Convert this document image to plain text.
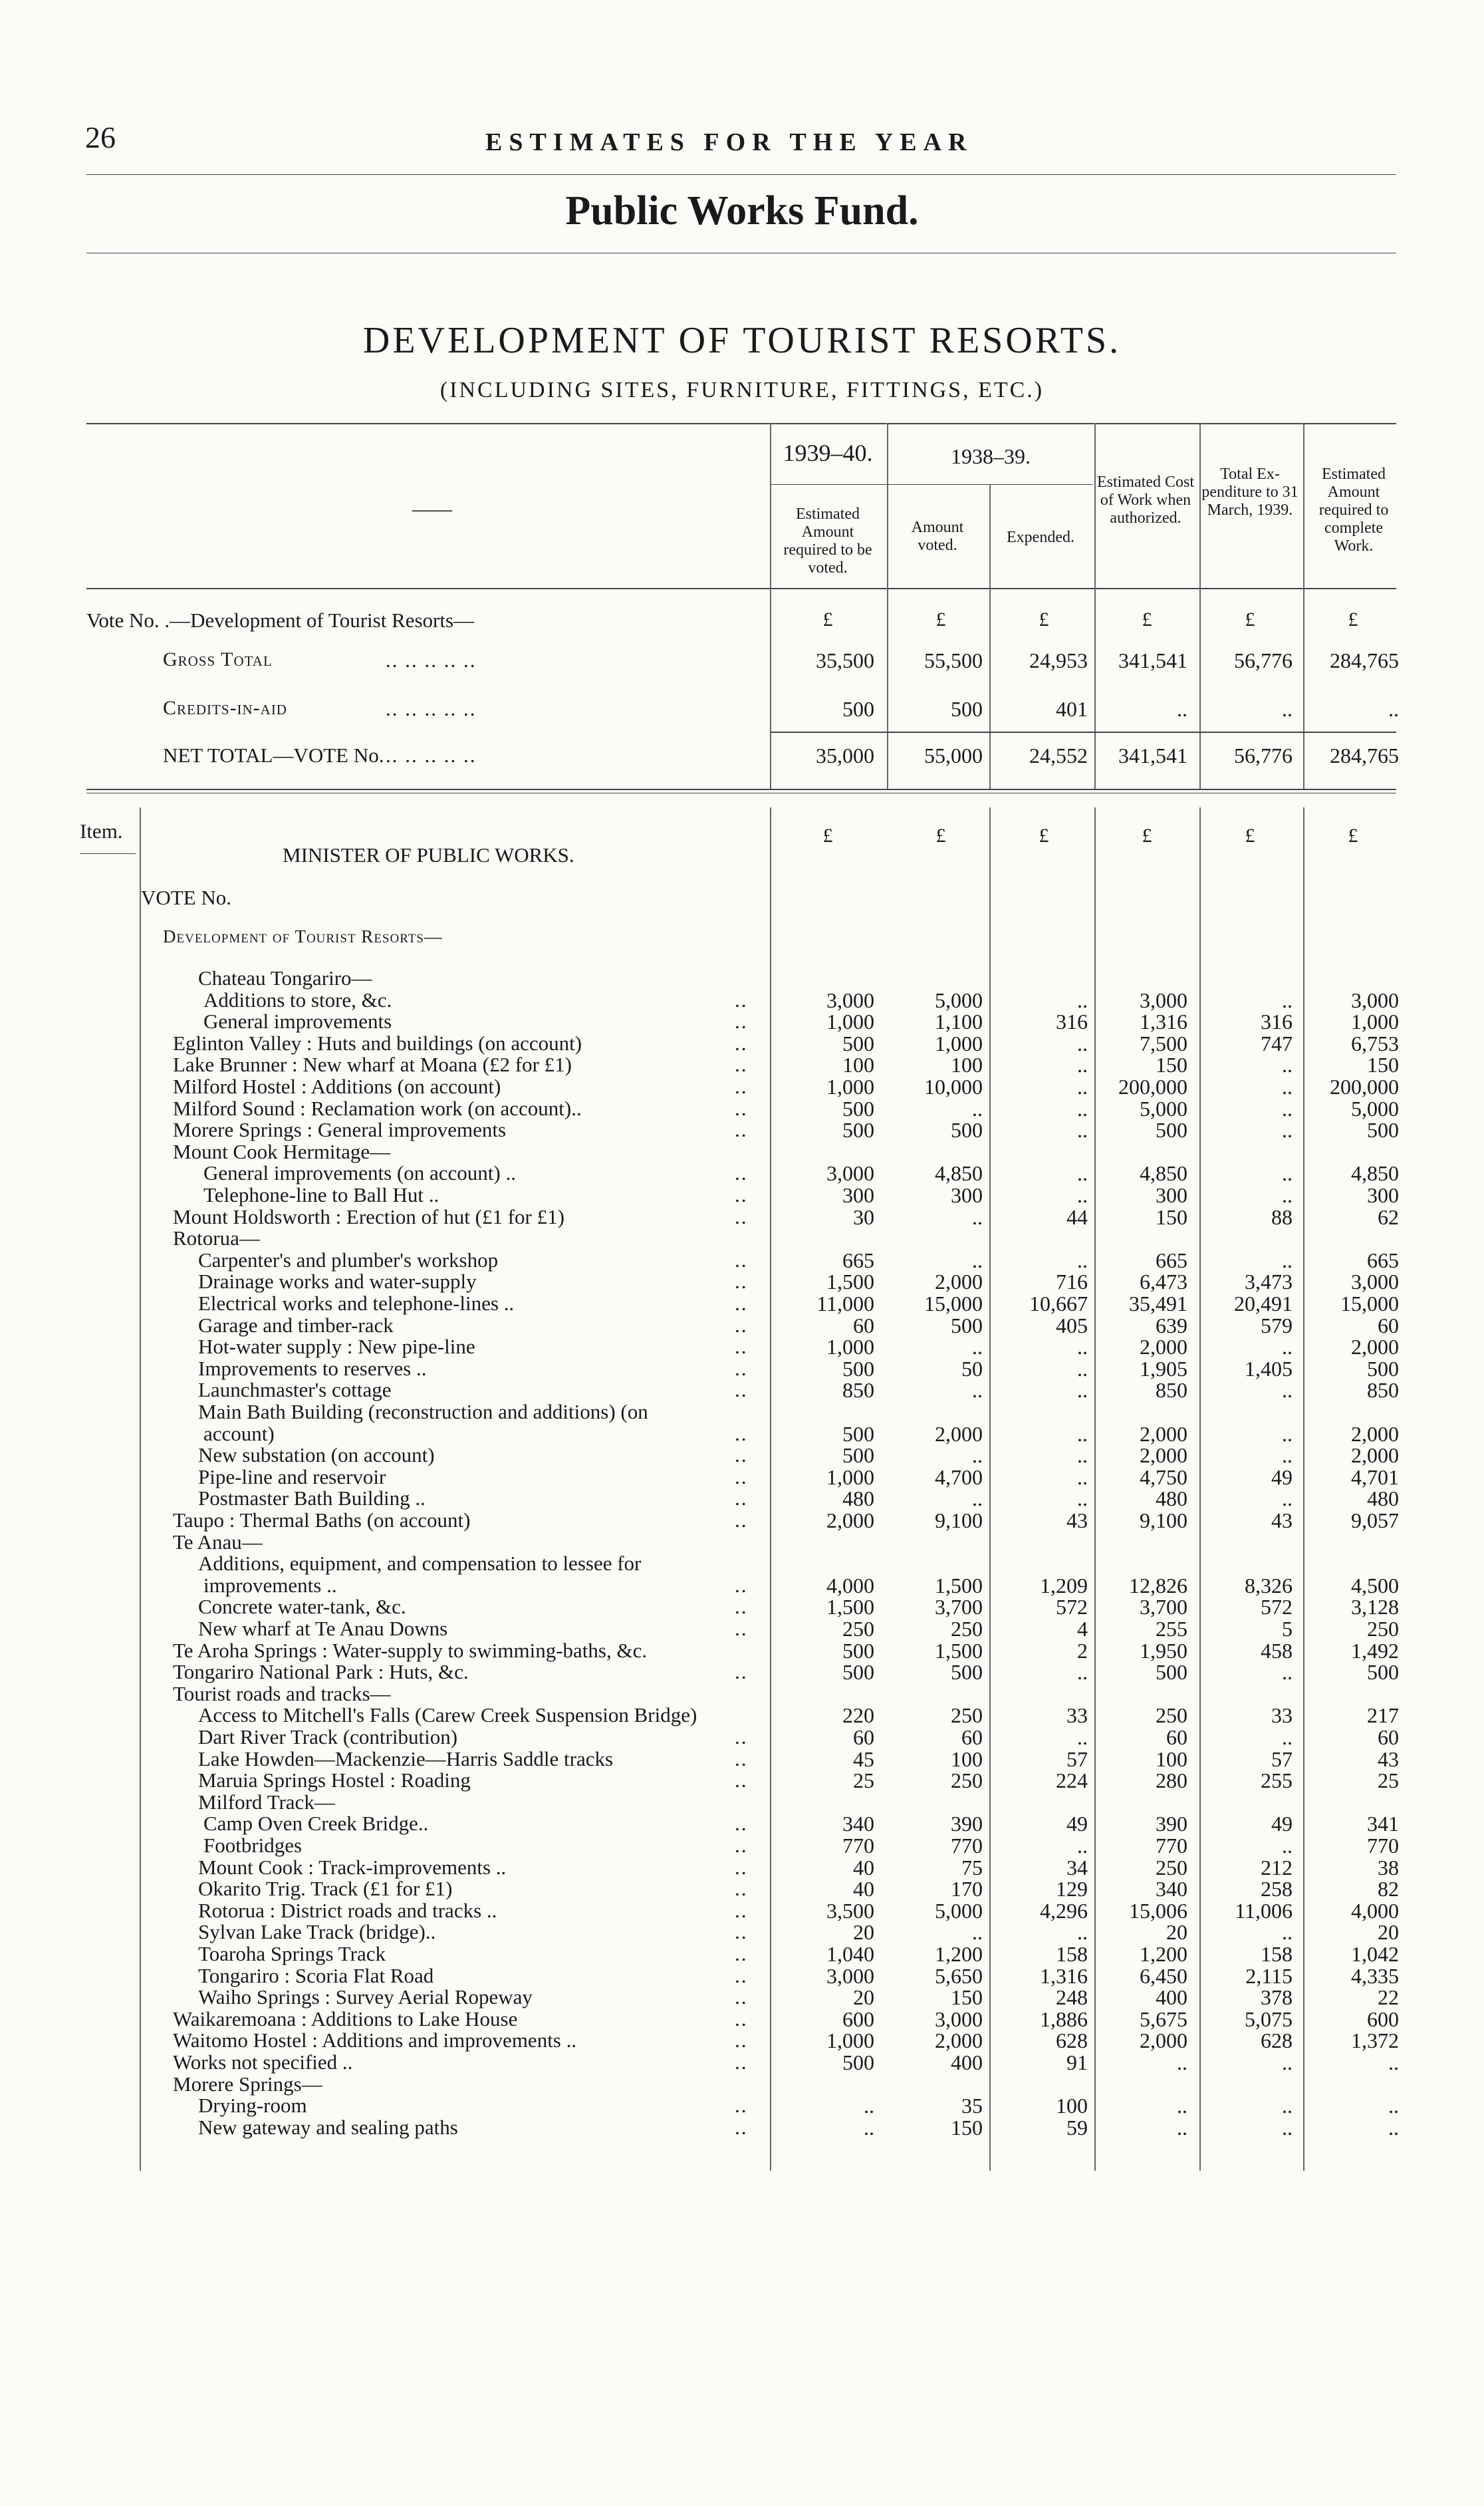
26	ESTIMATES FOR THE YEAR
Public Works Fund.
DEVELOPMENT OF TOURIST RESORTS.
(INCLUDING SITES, FURNITURE, FITTINGS, ETC.)
——
1939–40.	1938–39.
Estimated Amount required to be voted.
Amount voted.	Expended.
Estimated Cost of Work when authorized.
Total Ex- penditure to 31 March, 1939.
Estimated Amount required to complete Work.
Vote No. .—Development of Tourist Resorts—	£	£	£	£	£	£
Gross Total	.. .. .. .. ..	35,500	55,500	24,953	341,541	56,776	284,765
Credits-in-aid	.. .. .. .. ..	500	500	401	..	..	..
NET TOTAL—VOTE No. .. .. .. .. ..	35,000	55,000	24,552	341,541	56,776	284,765
Item.
MINISTER OF PUBLIC WORKS.
VOTE No.
Development of Tourist Resorts—
£	£	£	£	£	£
Chateau Tongariro—
Additions to store, &c.	..	3,000	5,000	..	3,000	..	3,000
General improvements	..	1,000	1,100	316	1,316	316	1,000
Eglinton Valley : Huts and buildings (on account)	..	500	1,000	..	7,500	747	6,753
Lake Brunner : New wharf at Moana (£2 for £1)	..	100	100	..	150	..	150
Milford Hostel : Additions (on account)	..	1,000	10,000	..	200,000	..	200,000
Milford Sound : Reclamation work (on account)..	..	500	..	..	5,000	..	5,000
Morere Springs : General improvements	..	500	500	..	500	..	500
Mount Cook Hermitage—
General improvements (on account) ..	..	3,000	4,850	..	4,850	..	4,850
Telephone-line to Ball Hut ..	..	300	300	..	300	..	300
Mount Holdsworth : Erection of hut (£1 for £1)	..	30	..	44	150	88	62
Rotorua—
Carpenter's and plumber's workshop	..	665	..	..	665	..	665
Drainage works and water-supply	..	1,500	2,000	716	6,473	3,473	3,000
Electrical works and telephone-lines ..	..	11,000	15,000	10,667	35,491	20,491	15,000
Garage and timber-rack	..	60	500	405	639	579	60
Hot-water supply : New pipe-line	..	1,000	..	..	2,000	..	2,000
Improvements to reserves ..	..	500	50	..	1,905	1,405	500
Launchmaster's cottage	..	850	..	..	850	..	850
Main Bath Building (reconstruction and additions) (on
account)	..	500	2,000	..	2,000	..	2,000
New substation (on account)	..	500	..	..	2,000	..	2,000
Pipe-line and reservoir	..	1,000	4,700	..	4,750	49	4,701
Postmaster Bath Building ..	..	480	..	..	480	..	480
Taupo : Thermal Baths (on account)	..	2,000	9,100	43	9,100	43	9,057
Te Anau—
Additions, equipment, and compensation to lessee for
improvements ..	..	4,000	1,500	1,209	12,826	8,326	4,500
Concrete water-tank, &c.	..	1,500	3,700	572	3,700	572	3,128
New wharf at Te Anau Downs	..	250	250	4	255	5	250
Te Aroha Springs : Water-supply to swimming-baths, &c.	500	1,500	2	1,950	458	1,492
Tongariro National Park : Huts, &c.	..	500	500	..	500	..	500
Tourist roads and tracks—
Access to Mitchell's Falls (Carew Creek Suspension Bridge)	220	250	33	250	33	217
Dart River Track (contribution)	..	60	60	..	60	..	60
Lake Howden—Mackenzie—Harris Saddle tracks	..	45	100	57	100	57	43
Maruia Springs Hostel : Roading	..	25	250	224	280	255	25
Milford Track—
Camp Oven Creek Bridge..	..	340	390	49	390	49	341
Footbridges	..	770	770	..	770	..	770
Mount Cook : Track-improvements ..	..	40	75	34	250	212	38
Okarito Trig. Track (£1 for £1)	..	40	170	129	340	258	82
Rotorua : District roads and tracks ..	..	3,500	5,000	4,296	15,006	11,006	4,000
Sylvan Lake Track (bridge)..	..	20	..	..	20	..	20
Toaroha Springs Track	..	1,040	1,200	158	1,200	158	1,042
Tongariro : Scoria Flat Road	..	3,000	5,650	1,316	6,450	2,115	4,335
Waiho Springs : Survey Aerial Ropeway	..	20	150	248	400	378	22
Waikaremoana : Additions to Lake House	..	600	3,000	1,886	5,675	5,075	600
Waitomo Hostel : Additions and improvements ..	..	1,000	2,000	628	2,000	628	1,372
Works not specified ..	..	500	400	91	..	..	..
Morere Springs—
Drying-room	..	..	35	100	..	..	..
New gateway and sealing paths	..	..	150	59	..	..	..
